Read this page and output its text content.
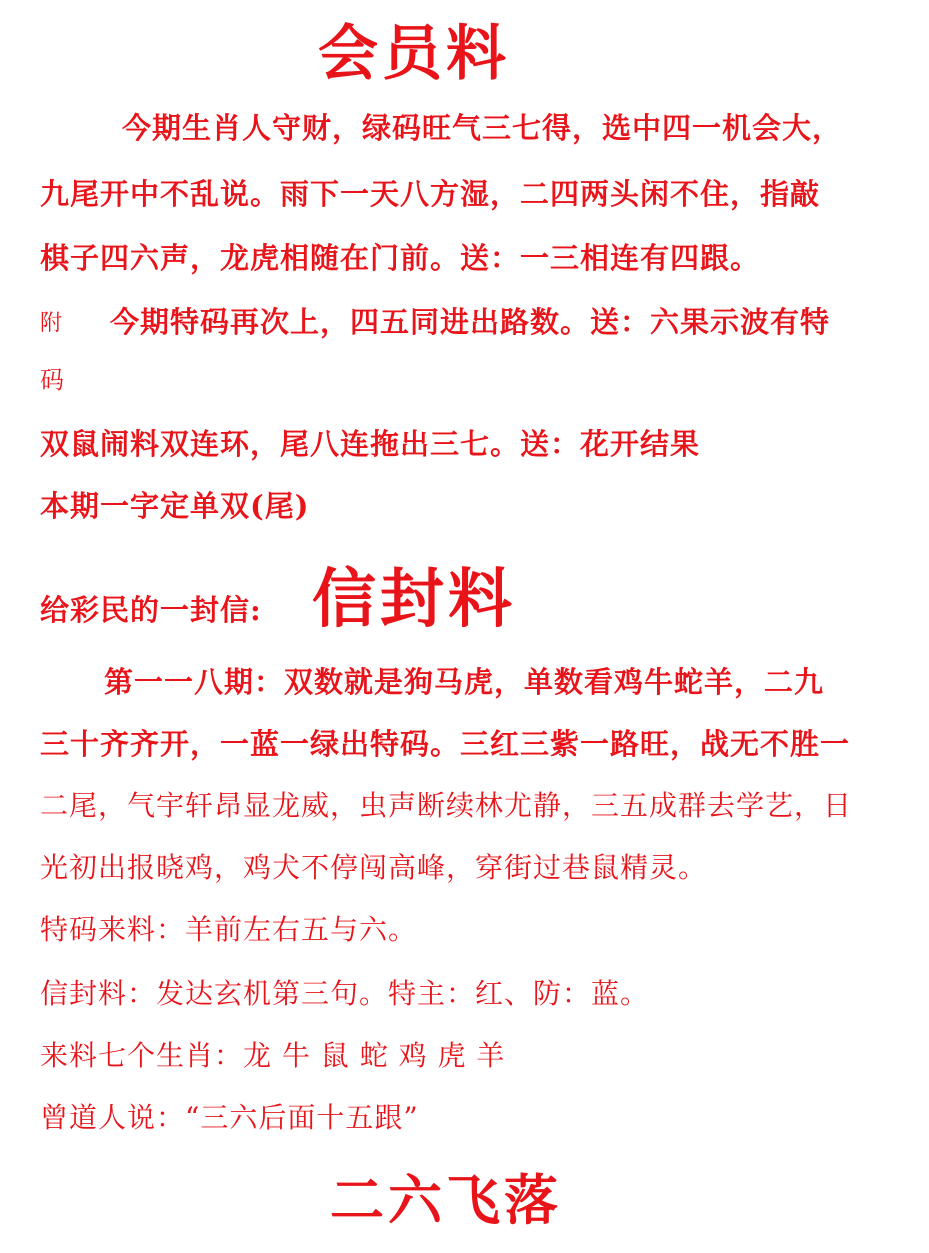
会员料
今期生肖人守财，绿码旺气三七得，选中四一机会大，
九尾开中不乱说。雨下一天八方湿，二四两头闲不住，指敲
棋子四六声，龙虎相随在门前。送：一三相连有四跟。
附 今期特码再次上，四五同进出路数。送：六果示波有特
码
双鼠闹料双连环，尾八连拖出三七。送：花开结果
本期一字定单双(尾)
给彩民的一封信: 信封料
第一一八期：双数就是狗马虎，单数看鸡牛蛇羊，二九
三十齐齐开，一蓝一绿出特码。三红三紫一路旺，战无不胜一
二尾，气宇轩昂显龙威，虫声断续林尤静，三五成群去学艺，日
光初出报晓鸡，鸡犬不停闯高峰，穿街过巷鼠精灵。
特码来料：羊前左右五与六。
信封料：发达玄机第三句。特主：红、防：蓝。
来料七个生肖：龙 牛 鼠 蛇 鸡 虎 羊
曾道人说：“三六后面十五跟”
二六飞落
